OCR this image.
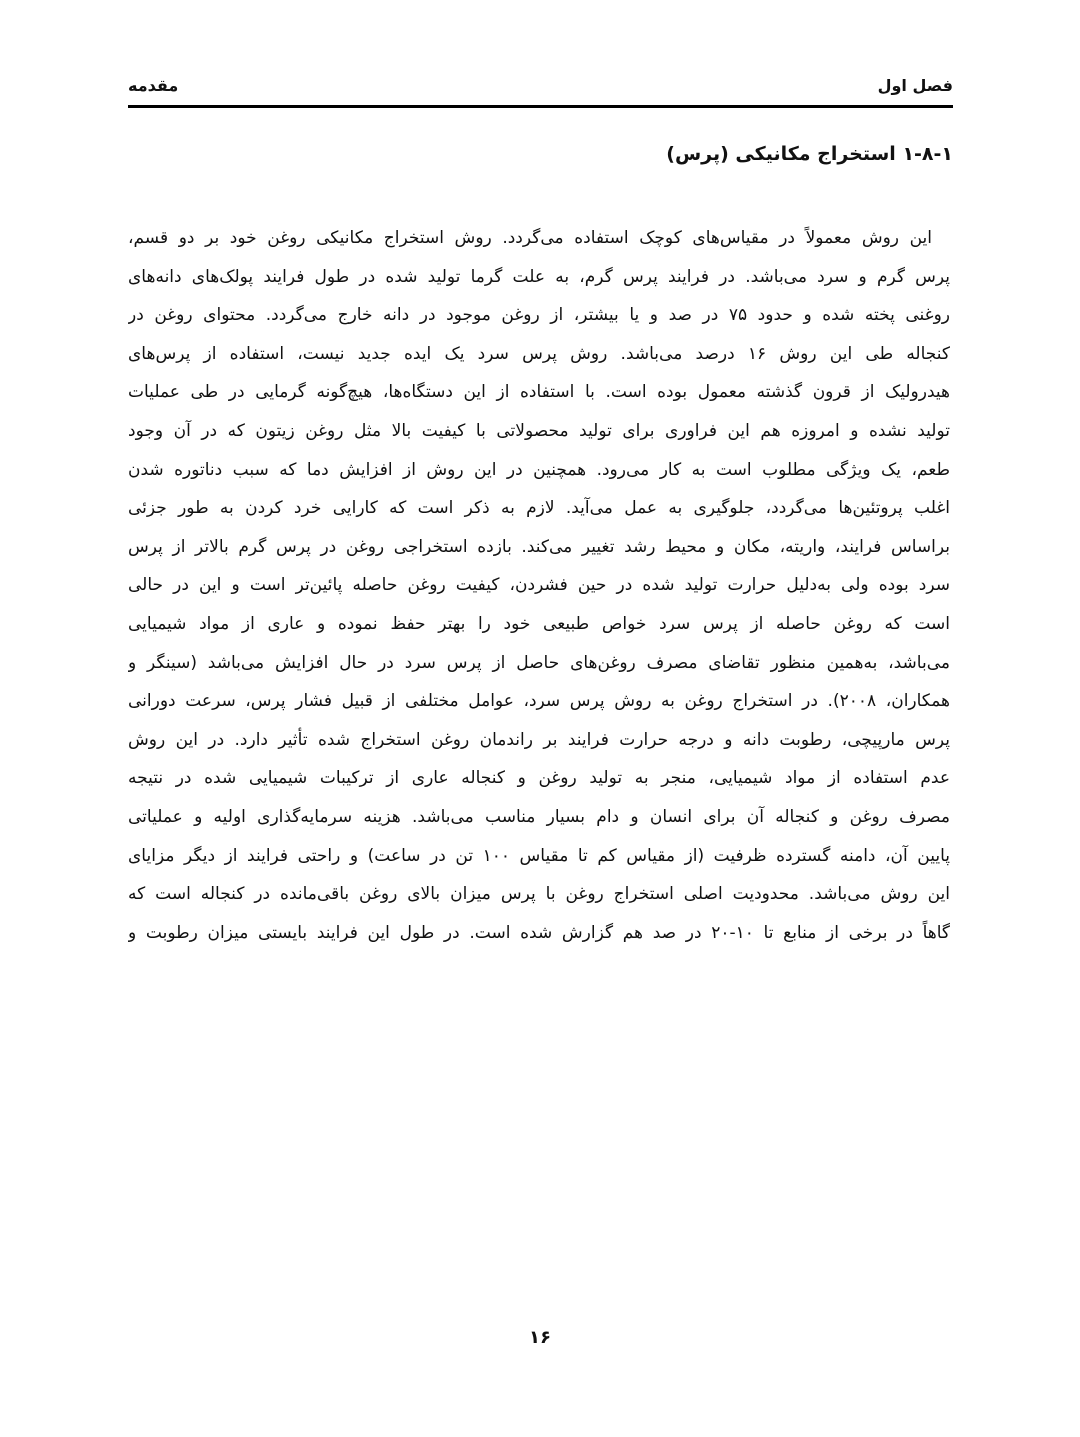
فصل اول
مقدمه
۱-۸-۱ استخراج مکانیکی (پرس)
این روش معمولاً در مقیاس‌های کوچک استفاده می‌گردد. روش استخراج مکانیکی روغن خود بر دو قسم،
پرس گرم و سرد می‌باشد. در فرایند پرس گرم، به علت گرما تولید شده در طول فرایند پولک‌های دانه‌های
روغنی پخته شده و حدود ۷۵ در صد و یا بیشتر، از روغن موجود در دانه خارج می‌گردد. محتوای روغن در
کنجاله طی این روش ۱۶ درصد می‌باشد. روش پرس سرد یک ایده جدید نیست، استفاده از پرس‌های
هیدرولیک از قرون گذشته معمول بوده است. با استفاده از این دستگاه‌ها، هیچ‌گونه گرمایی در طی عملیات
تولید نشده و امروزه هم این فراوری برای تولید محصولاتی با کیفیت بالا مثل روغن زیتون که در آن وجود
طعم، یک ویژگی مطلوب است به کار می‌رود. همچنین در این روش از افزایش دما که سبب دناتوره شدن
اغلب پروتئین‌ها می‌گردد، جلوگیری به عمل می‌آید. لازم به ذکر است که کارایی خرد کردن به طور جزئی
براساس فرایند، واریته، مکان و محیط رشد تغییر می‌کند. بازده استخراجی روغن در پرس گرم بالاتر از پرس
سرد بوده ولی به‌دلیل حرارت تولید شده در حین فشردن، کیفیت روغن حاصله پائین‌تر است و این در حالی
است که روغن حاصله از پرس سرد خواص طبیعی خود را بهتر حفظ نموده و عاری از مواد شیمیایی
می‌باشد، به‌همین منظور تقاضای مصرف روغن‌های حاصل از پرس سرد در حال افزایش می‌باشد (سینگر و
همکاران، ۲۰۰۸). در استخراج روغن به روش پرس سرد، عوامل مختلفی از قبیل فشار پرس، سرعت دورانی
پرس مارپیچی، رطوبت دانه و درجه حرارت فرایند بر راندمان روغن استخراج شده تأثیر دارد. در این روش
عدم استفاده از مواد شیمیایی، منجر به تولید روغن و کنجاله عاری از ترکیبات شیمیایی شده در نتیجه
مصرف روغن و کنجاله آن برای انسان و دام بسیار مناسب می‌باشد. هزینه سرمایه‌گذاری اولیه و عملیاتی
پایین آن، دامنه گسترده ظرفیت (از مقیاس کم تا مقیاس ۱۰۰ تن در ساعت) و راحتی فرایند از دیگر مزایای
این روش می‌باشد. محدودیت اصلی استخراج روغن با پرس میزان بالای روغن باقی‌مانده در کنجاله است که
گاهاً در برخی از منابع تا ۱۰-۲۰ در صد هم گزارش شده است. در طول این فرایند بایستی میزان رطوبت و
۱۶
